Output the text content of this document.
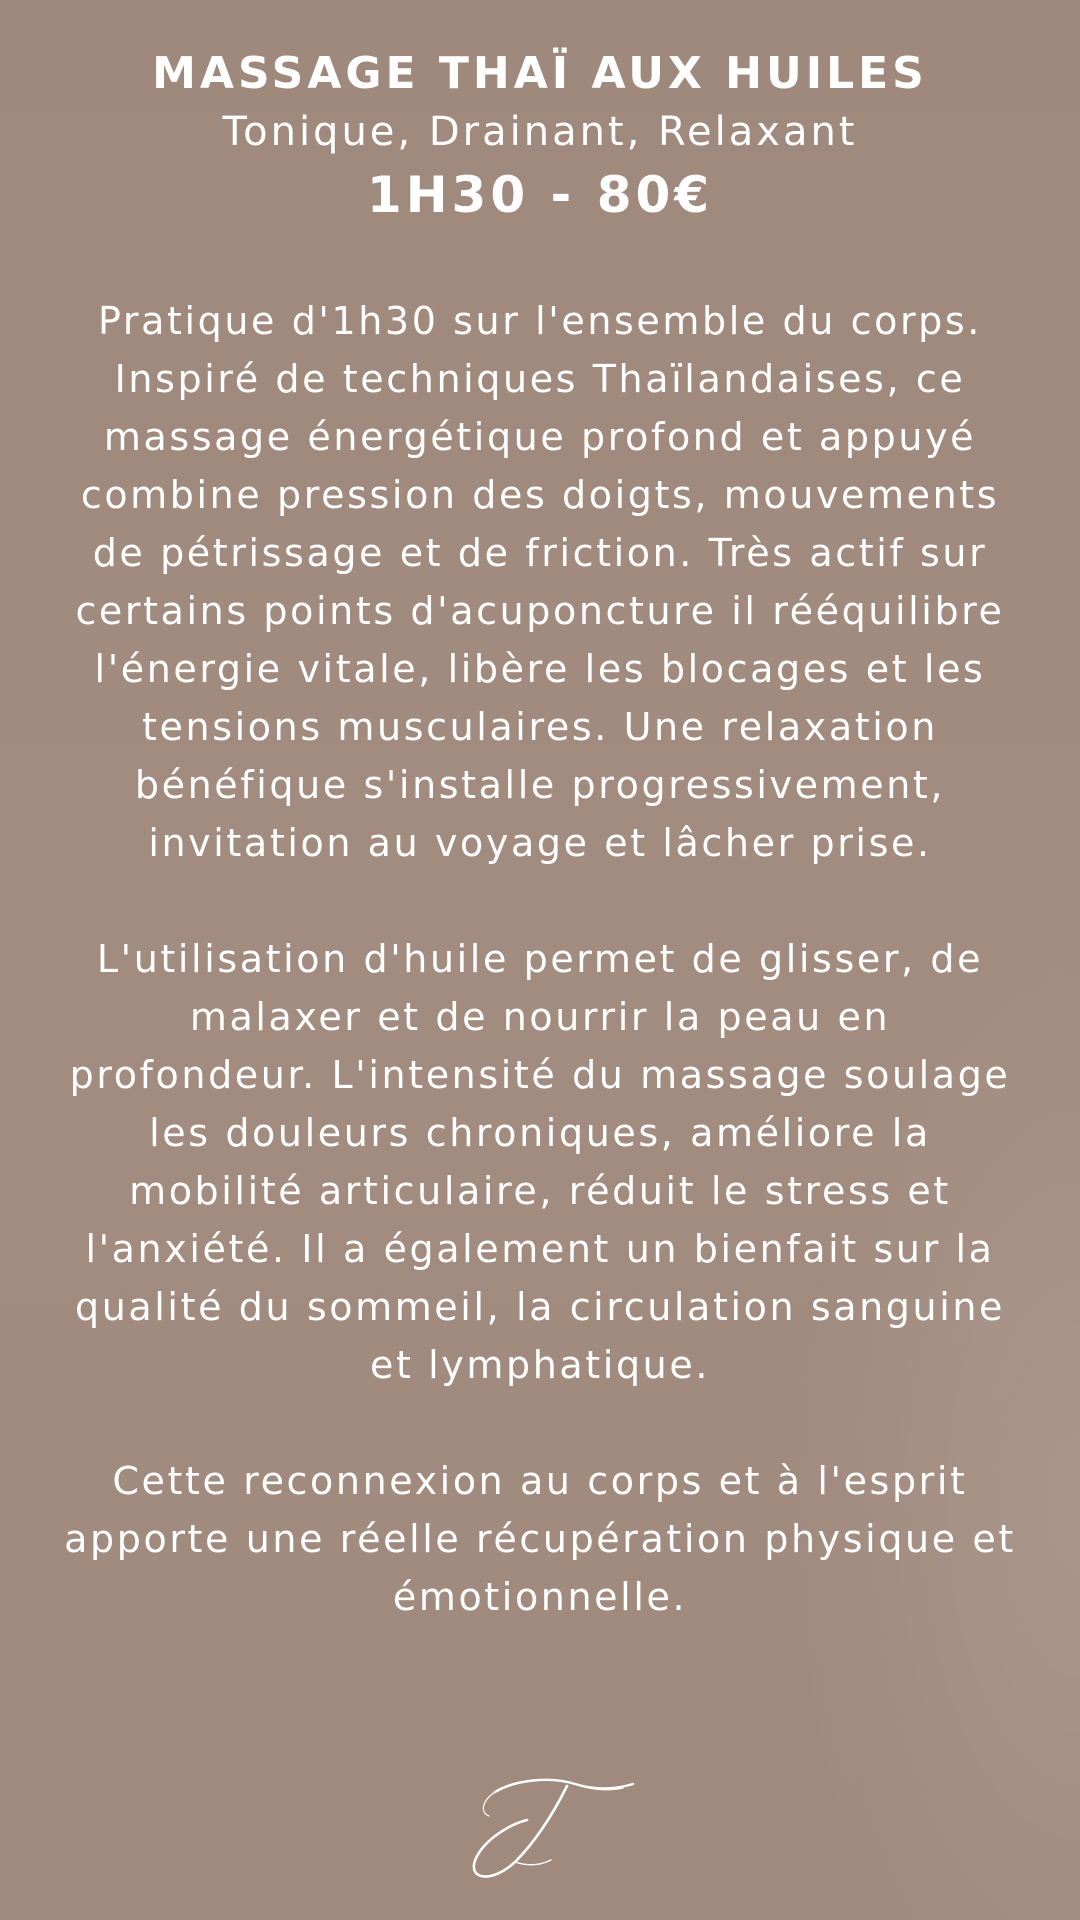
MASSAGE THAÏ AUX HUILES
Tonique, Drainant, Relaxant
1H30 - 80€

Pratique d'1h30 sur l'ensemble du corps. Inspiré de techniques Thaïlandaises, ce massage énergétique profond et appuyé combine pression des doigts, mouvements de pétrissage et de friction. Très actif sur certains points d'acuponcture il rééquilibre l'énergie vitale, libère les blocages et les tensions musculaires. Une relaxation bénéfique s'installe progressivement, invitation au voyage et lâcher prise.

L'utilisation d'huile permet de glisser, de malaxer et de nourrir la peau en profondeur. L'intensité du massage soulage les douleurs chroniques, améliore la mobilité articulaire, réduit le stress et l'anxiété. Il a également un bienfait sur la qualité du sommeil, la circulation sanguine et lymphatique.

Cette reconnexion au corps et à l'esprit apporte une réelle récupération physique et émotionnelle.
